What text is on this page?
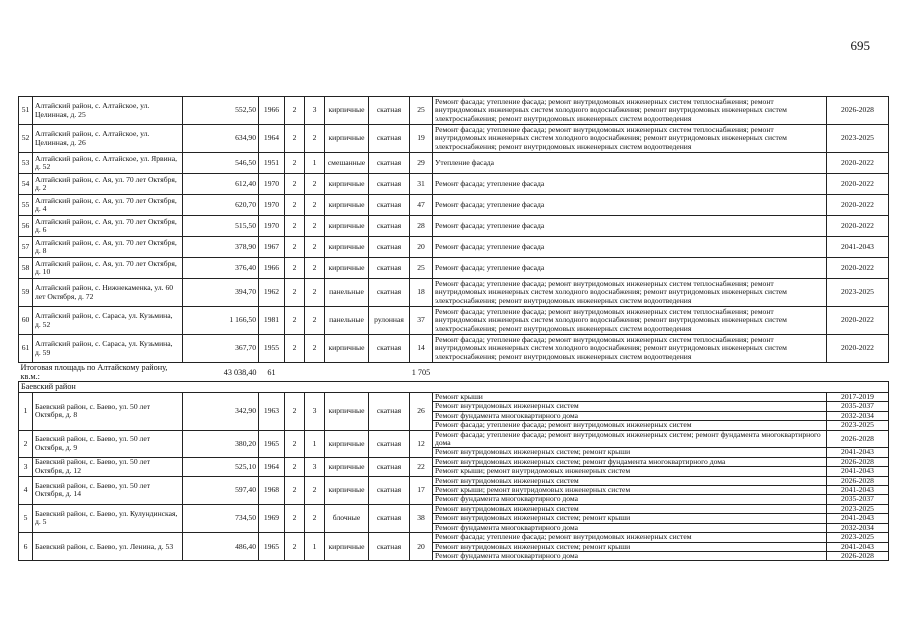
695
51	Алтайский район, с. Алтайское, ул. Целинная, д. 25	552,50	1966	2	3	кирпичные	скатная	25	Ремонт фасада; утепление фасада; ремонт внутридомовых инженерных систем теплоснабжения; ремонт внутридомовых инженерных систем холодного водоснабжения; ремонт внутридомовых инженерных систем электроснабжения; ремонт внутридомовых инженерных систем водоотведения	2026-2028
52	Алтайский район, с. Алтайское, ул. Целинная, д. 26	634,90	1964	2	2	кирпичные	скатная	19	Ремонт фасада; утепление фасада; ремонт внутридомовых инженерных систем теплоснабжения; ремонт внутридомовых инженерных систем холодного водоснабжения; ремонт внутридомовых инженерных систем электроснабжения; ремонт внутридомовых инженерных систем водоотведения	2023-2025
53	Алтайский район, с. Алтайское, ул. Ярвина, д. 52	546,50	1951	2	1	смешанные	скатная	29	Утепление фасада	2020-2022
54	Алтайский район, с. Ая, ул. 70 лет Октября, д. 2	612,40	1970	2	2	кирпичные	скатная	31	Ремонт фасада; утепление фасада	2020-2022
55	Алтайский район, с. Ая, ул. 70 лет Октября, д. 4	620,70	1970	2	2	кирпичные	скатная	47	Ремонт фасада; утепление фасада	2020-2022
56	Алтайский район, с. Ая, ул. 70 лет Октября, д. 6	515,50	1970	2	2	кирпичные	скатная	28	Ремонт фасада; утепление фасада	2020-2022
57	Алтайский район, с. Ая, ул. 70 лет Октября, д. 8	378,90	1967	2	2	кирпичные	скатная	20	Ремонт фасада; утепление фасада	2041-2043
58	Алтайский район, с. Ая, ул. 70 лет Октября, д. 10	376,40	1966	2	2	кирпичные	скатная	25	Ремонт фасада; утепление фасада	2020-2022
59	Алтайский район, с. Нижнекаменка, ул. 60 лет Октября, д. 72	394,70	1962	2	2	панельные	скатная	18	Ремонт фасада; утепление фасада; ремонт внутридомовых инженерных систем теплоснабжения; ремонт внутридомовых инженерных систем холодного водоснабжения; ремонт внутридомовых инженерных систем электроснабжения; ремонт внутридомовых инженерных систем водоотведения	2023-2025
60	Алтайский район, с. Сараса, ул. Кузьмина, д. 52	1 166,50	1981	2	2	панельные	рулонная	37	Ремонт фасада; утепление фасада; ремонт внутридомовых инженерных систем теплоснабжения; ремонт внутридомовых инженерных систем холодного водоснабжения; ремонт внутридомовых инженерных систем электроснабжения; ремонт внутридомовых инженерных систем водоотведения	2020-2022
61	Алтайский район, с. Сараса, ул. Кузьмина, д. 59	367,70	1955	2	2	кирпичные	скатная	14	Ремонт фасада; утепление фасада; ремонт внутридомовых инженерных систем теплоснабжения; ремонт внутридомовых инженерных систем холодного водоснабжения; ремонт внутридомовых инженерных систем электроснабжения; ремонт внутридомовых инженерных систем водоотведения	2020-2022
Итоговая площадь по Алтайскому району, кв.м.:		43 038,40	61					1 705		
Баевский район										
1	Баевский район, с. Баево, ул. 50 лет Октября, д. 8	342,90	1963	2	3	кирпичные	скатная	26	Ремонт крыши	2017-2019
									Ремонт внутридомовых инженерных систем	2035-2037
									Ремонт фундамента многоквартирного дома	2032-2034
									Ремонт фасада; утепление фасада; ремонт внутридомовых инженерных систем	2023-2025
2	Баевский район, с. Баево, ул. 50 лет Октября, д. 9	380,20	1965	2	1	кирпичные	скатная	12	Ремонт фасада; утепление фасада; ремонт внутридомовых инженерных систем; ремонт фундамента многоквартирного дома	2026-2028
									Ремонт внутридомовых инженерных систем; ремонт крыши	2041-2043
3	Баевский район, с. Баево, ул. 50 лет Октября, д. 12	525,10	1964	2	3	кирпичные	скатная	22	Ремонт внутридомовых инженерных систем; ремонт фундамента многоквартирного дома	2026-2028
									Ремонт крыши; ремонт внутридомовых инженерных систем	2041-2043
4	Баевский район, с. Баево, ул. 50 лет Октября, д. 14	597,40	1968	2	2	кирпичные	скатная	17	Ремонт внутридомовых инженерных систем	2026-2028
									Ремонт крыши; ремонт внутридомовых инженерных систем	2041-2043
									Ремонт фундамента многоквартирного дома	2035-2037
5	Баевский район, с. Баево, ул. Кулундинская, д. 5	734,50	1969	2	2	блочные	скатная	38	Ремонт внутридомовых инженерных систем	2023-2025
									Ремонт внутридомовых инженерных систем; ремонт крыши	2041-2043
									Ремонт фундамента многоквартирного дома	2032-2034
6	Баевский район, с. Баево, ул. Ленина, д. 53	486,40	1965	2	1	кирпичные	скатная	20	Ремонт фасада; утепление фасада; ремонт внутридомовых инженерных систем	2023-2025
									Ремонт внутридомовых инженерных систем; ремонт крыши	2041-2043
									Ремонт фундамента многоквартирного дома	2026-2028
